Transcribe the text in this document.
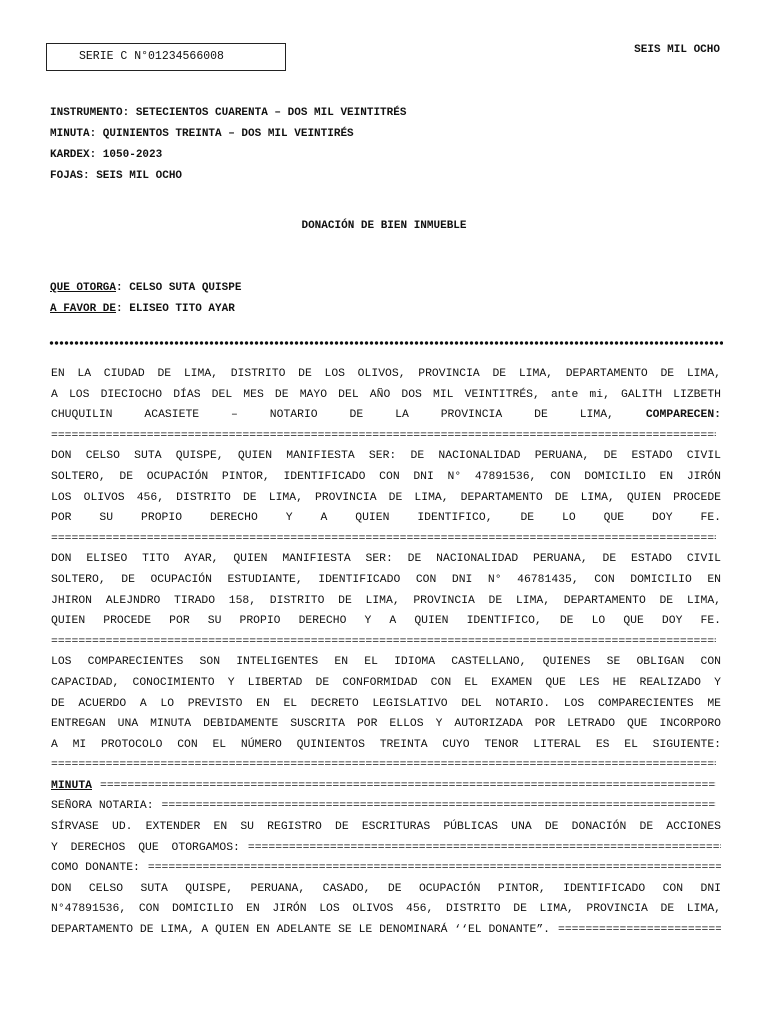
SERIE C N°01234566008	SEIS MIL OCHO
INSTRUMENTO: SETECIENTOS CUARENTA – DOS MIL VEINTITRÉS
MINUTA: QUINIENTOS TREINTA – DOS MIL VEINTIRÉS
KARDEX: 1050-2023
FOJAS: SEIS MIL OCHO
DONACIÓN DE BIEN INMUEBLE
QUE OTORGA: CELSO SUTA QUISPE
A FAVOR DE: ELISEO TITO AYAR
EN LA CIUDAD DE LIMA, DISTRITO DE LOS OLIVOS, PROVINCIA DE LIMA, DEPARTAMENTO DE LIMA,
A LOS DIECIOCHO DÍAS DEL MES DE MAYO DEL AÑO DOS MIL VEINTITRÉS, ante mi, GALITH LIZBETH
CHUQUILIN ACASIETE – NOTARIO DE LA PROVINCIA DE LIMA,	COMPARECEN:
=====
DON CELSO SUTA QUISPE, QUIEN MANIFIESTA SER: DE NACIONALIDAD PERUANA, DE ESTADO CIVIL
SOLTERO, DE OCUPACIÓN PINTOR, IDENTIFICADO CON DNI N° 47891536, CON DOMICILIO EN JIRÓN
LOS OLIVOS 456, DISTRITO DE LIMA, PROVINCIA DE LIMA, DEPARTAMENTO DE LIMA, QUIEN PROCEDE
POR SU PROPIO DERECHO Y A QUIEN IDENTIFICO, DE LO QUE DOY FE.
=====
DON ELISEO TITO AYAR, QUIEN MANIFIESTA SER: DE NACIONALIDAD PERUANA, DE ESTADO CIVIL
SOLTERO, DE OCUPACIÓN ESTUDIANTE, IDENTIFICADO CON DNI N° 46781435, CON DOMICILIO EN
JHIRON ALEJNDRO TIRADO 158, DISTRITO DE LIMA, PROVINCIA DE LIMA, DEPARTAMENTO DE LIMA,
QUIEN PROCEDE POR SU PROPIO DERECHO Y A QUIEN IDENTIFICO, DE LO QUE DOY FE.
=====
LOS COMPARECIENTES SON INTELIGENTES EN EL IDIOMA CASTELLANO, QUIENES SE OBLIGAN CON
CAPACIDAD, CONOCIMIENTO Y LIBERTAD DE CONFORMIDAD CON EL EXAMEN QUE LES HE REALIZADO Y
DE ACUERDO A LO PREVISTO EN EL DECRETO LEGISLATIVO DEL NOTARIO. LOS COMPARECIENTES ME
ENTREGAN UNA MINUTA DEBIDAMENTE SUSCRITA POR ELLOS Y AUTORIZADA POR LETRADO QUE INCORPORO
A MI PROTOCOLO CON EL NÚMERO QUINIENTOS TREINTA CUYO TENOR LITERAL ES EL SIGUIENTE:
=====
MINUTA
=====
SEÑORA NOTARIA:
=====
SÍRVASE UD. EXTENDER EN SU REGISTRO DE ESCRITURAS PÚBLICAS UNA DE DONACIÓN DE ACCIONES
Y DERECHOS QUE OTORGAMOS:
=====
COMO DONANTE:
=====
DON CELSO SUTA QUISPE, PERUANA, CASADO, DE OCUPACIÓN PINTOR, IDENTIFICADO CON DNI
N°47891536, CON DOMICILIO EN JIRÓN LOS OLIVOS 456, DISTRITO DE LIMA, PROVINCIA DE LIMA,
DEPARTAMENTO DE LIMA, A QUIEN EN ADELANTE SE LE DENOMINARÁ ‘‘EL DONANTE”.
=====
